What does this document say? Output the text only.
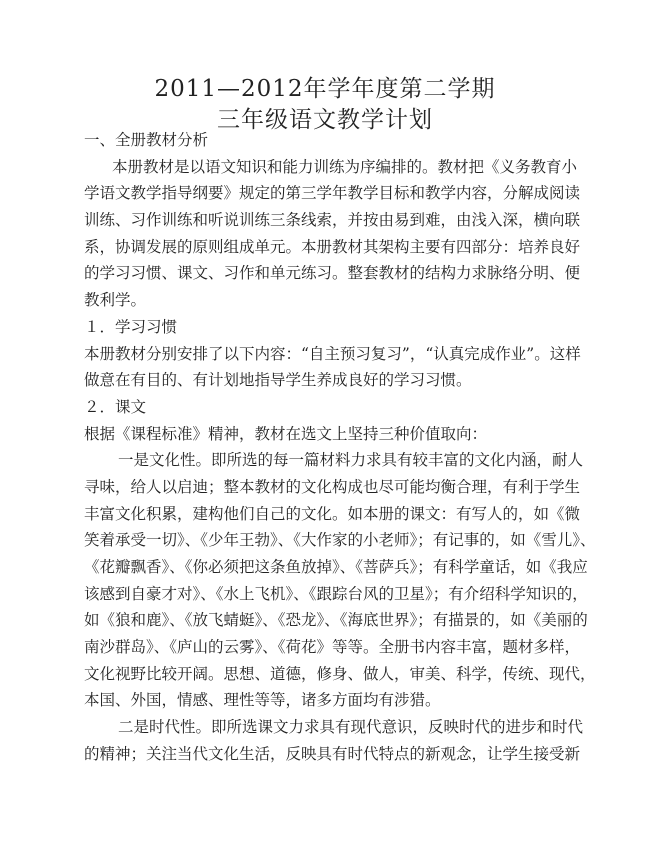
2011—2012年学年度第二学期
三年级语文教学计划
一、全册教材分析
本册教材是以语文知识和能力训练为序编排的。教材把《义务教育小
学语文教学指导纲要》规定的第三学年教学目标和教学内容，分解成阅读
训练、习作训练和听说训练三条线索，并按由易到难，由浅入深，横向联
系，协调发展的原则组成单元。本册教材其架构主要有四部分：培养良好
的学习习惯、课文、习作和单元练习。整套教材的结构力求脉络分明、便
教利学。
１．学习习惯
本册教材分别安排了以下内容：“自主预习复习”，“认真完成作业”。这样
做意在有目的、有计划地指导学生养成良好的学习习惯。
２．课文
根据《课程标准》精神，教材在选文上坚持三种价值取向：
一是文化性。即所选的每一篇材料力求具有较丰富的文化内涵，耐人
寻味，给人以启迪；整本教材的文化构成也尽可能均衡合理，有利于学生
丰富文化积累，建构他们自己的文化。如本册的课文：有写人的，如《微
笑着承受一切》、《少年王勃》、《大作家的小老师》；有记事的，如《雪儿》、
《花瓣飘香》、《你必须把这条鱼放掉》、《菩萨兵》；有科学童话，如《我应
该感到自豪才对》、《水上飞机》、《跟踪台风的卫星》；有介绍科学知识的，
如《狼和鹿》、《放飞蜻蜓》、《恐龙》、《海底世界》；有描景的，如《美丽的
南沙群岛》、《庐山的云雾》、《荷花》等等。全册书内容丰富，题材多样，
文化视野比较开阔。思想、道德，修身、做人，审美、科学，传统、现代，
本国、外国，情感、理性等等，诸多方面均有涉猎。
二是时代性。即所选课文力求具有现代意识，反映时代的进步和时代
的精神；关注当代文化生活，反映具有时代特点的新观念，让学生接受新
